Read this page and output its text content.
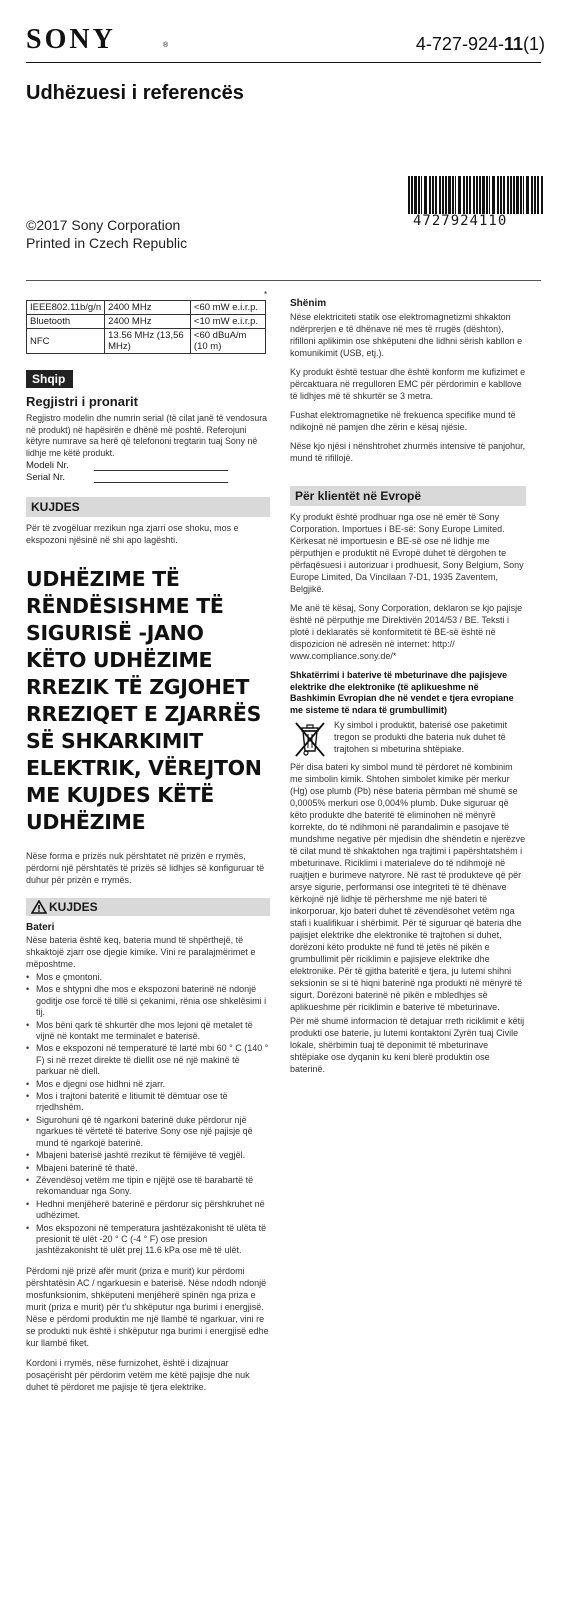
SONY	®	4-727-924-11(1)
Udhëzuesi i referencës
4727924110
©2017 Sony Corporation
Printed in Czech Republic
*
IEEE802.11b/g/n	2400 MHz	<60 mW e.i.r.p.
Bluetooth	2400 MHz	<10 mW e.i.r.p.
NFC	13.56 MHz (13,56 MHz)	<60 dBuA/m (10 m)
Shqip
Regjistri i pronarit

Regjistro modelin dhe numrin serial (të cilat janë të vendosura në produkt) në hapësirën e dhënë më poshtë. Referojuni këtyre numrave sa herë që telefononi tregtarin tuaj Sony në lidhje me këtë produkt.

Modeli Nr.
Serial Nr.
KUJDES

Për të zvogëluar rrezikun nga zjarri ose shoku, mos e ekspozoni njësinë në shi apo lagështi.

UDHËZIME TË RËNDËSISHME TË SIGURISË -JANO KËTO UDHËZIME RREZIK TË ZGJOHET RREZIQET E ZJARRËS SË SHKARKIMIT ELEKTRIK, VËREJTON ME KUJDES KËTË UDHËZIME

Nëse forma e prizës nuk përshtatet në prizën e rrymës, përdorni një përshtatës të prizës së lidhjes së konfiguruar të duhur për prizën e rrymës.

KUJDES
Bateri

Nëse bateria është keq, bateria mund të shpërthejë, të shkaktojë zjarr ose djegie kimike. Vini re paralajmërimet e mëposhtme.

• Mos e çmontoni.
• Mos e shtypni dhe mos e ekspozoni baterinë në ndonjë goditje ose forcë të tillë si çekanimi, rënia ose shkelësimi i tij.
• Mos bëni qark të shkurtër dhe mos lejoni që metalet të vijnë në kontakt me terminalet e baterisë.
• Mos e ekspozoni në temperaturë të lartë mbi 60 ° C (140 ° F) si në rrezet direkte të diellit ose në një makinë të parkuar në diell.
• Mos e djegni ose hidhni në zjarr.
• Mos i trajtoni bateritë e litiumit të dëmtuar ose të rrjedhshëm.
• Sigurohuni që të ngarkoni baterinë duke përdorur një ngarkues të vërtetë të baterive Sony ose një pajisje që mund të ngarkojë baterinë.
• Mbajeni baterisë jashtë rrezikut të fëmijëve të vegjël.
• Mbajeni baterinë të thatë.
• Zëvendësoj vetëm me tipin e njëjtë ose të barabartë të rekomanduar nga Sony.
• Hedhni menjëherë baterinë e përdorur siç përshkruhet në udhëzimet.
• Mos ekspozoni në temperatura jashtëzakonisht të ulëta të presionit të ulët -20 ° C (-4 ° F) ose presion jashtëzakonisht të ulët prej 11.6 kPa ose më të ulët.

Përdomi një prizë afër murit (priza e murit) kur përdomi përshtatësin AC / ngarkuesin e baterisë. Nëse ndodh ndonjë mosfunksionim, shkëputeni menjëherë spinën nga priza e murit (priza e murit) për t'u shkëputur nga burimi i energjisë. Nëse e përdomi produktin me një llambë të ngarkuar, vini re se produkti nuk është i shkëputur nga burimi i energjisë edhe kur llambë fiket.

Kordoni i rrymës, nëse furnizohet, është i dizajnuar posaçërisht për përdorim vetëm me këtë pajisje dhe nuk duhet të përdoret me pajisje të tjera elektrike.

Shënim

Nëse elektriciteti statik ose elektromagnetizmi shkakton ndërprerjen e të dhënave në mes të rrugës (dështon), rifilloni aplikimin ose shkëputeni dhe lidhni sërish kabllon e komunikimit (USB, etj.).

Ky produkt është testuar dhe është konform me kufizimet e përcaktuara në rregulloren EMC për përdorimin e kabllove të lidhjes më të shkurtër se 3 metra.

Fushat elektromagnetike në frekuenca specifike mund të ndikojnë në pamjen dhe zërin e kësaj njësie.

Nëse kjo njësi i nënshtrohet zhurmës intensive të panjohur, mund të rifillojë.

Për klientët në Evropë

Ky produkt është prodhuar nga ose në emër të Sony Corporation. Importues i BE-së: Sony Europe Limited. Kërkesat në importuesin e BE-së ose në lidhje me përputhjen e produktit në Evropë duhet të dërgohen te përfaqësuesi i autorizuar i prodhuesit, Sony Belgium, Sony Europe Limited, Da Vincilaan 7-D1, 1935 Zaventem, Belgjikë.

Me anë të kësaj, Sony Corporation, deklaron se kjo pajisje është në përputhje me Direktivën 2014/53 / BE. Teksti i plotë i deklaratës së konformitetit të BE-së është në dispozicion në adresën në internet: http:// www.compliance.sony.de/*

Shkatërrimi i baterive të mbeturinave dhe pajisjeve elektrike dhe elektronike (të aplikueshme në Bashkimin Evropian dhe në vendet e tjera evropiane me sisteme të ndara të grumbullimit)

Ky simbol i produktit, baterisë ose paketimit tregon se produkti dhe bateria nuk duhet të trajtohen si mbeturina shtëpiake.

Për disa bateri ky simbol mund të përdoret në kombinim me simbolin kimik. Shtohen simbolet kimike për merkur (Hg) ose plumb (Pb) nëse bateria përmban më shumë se 0,0005% merkuri ose 0,004% plumb. Duke siguruar që këto produkte dhe bateritë të eliminohen në mënyrë korrekte, do të ndihmoni në parandalimin e pasojave të mundshme negative për mjedisin dhe shëndetin e njerëzve të cilat mund të shkaktohen nga trajtimi i papërshtatshëm i mbeturinave. Riciklimi i materialeve do të ndihmojë në ruajtjen e burimeve natyrore. Në rast të produkteve që për arsye sigurie, performansi ose integriteti të të dhënave kërkojnë një lidhje të përhershme me një bateri të inkorporuar, kjo bateri duhet të zëvendësohet vetëm nga stafi i kualifikuar i shërbimit. Për të siguruar që bateria dhe pajisjet elektrike dhe elektronike të trajtohen si duhet, dorëzoni këto produkte në fund të jetës në pikën e grumbullimit për riciklimin e pajisjeve elektrike dhe elektronike. Për të gjitha bateritë e tjera, ju lutemi shihni seksionin se si të hiqni baterinë nga produkti në mënyrë të sigurt. Dorëzoni baterinë në pikën e mbledhjes së aplikueshme për riciklimin e baterive të mbeturinave.

Për më shumë informacion të detajuar rreth riciklimit e këtij produkti ose baterie, ju lutemi kontaktoni Zyrën tuaj Civile lokale, shërbimin tuaj të deponimit të mbeturinave shtëpiake ose dyqanin ku keni blerë produktin ose baterinë.
